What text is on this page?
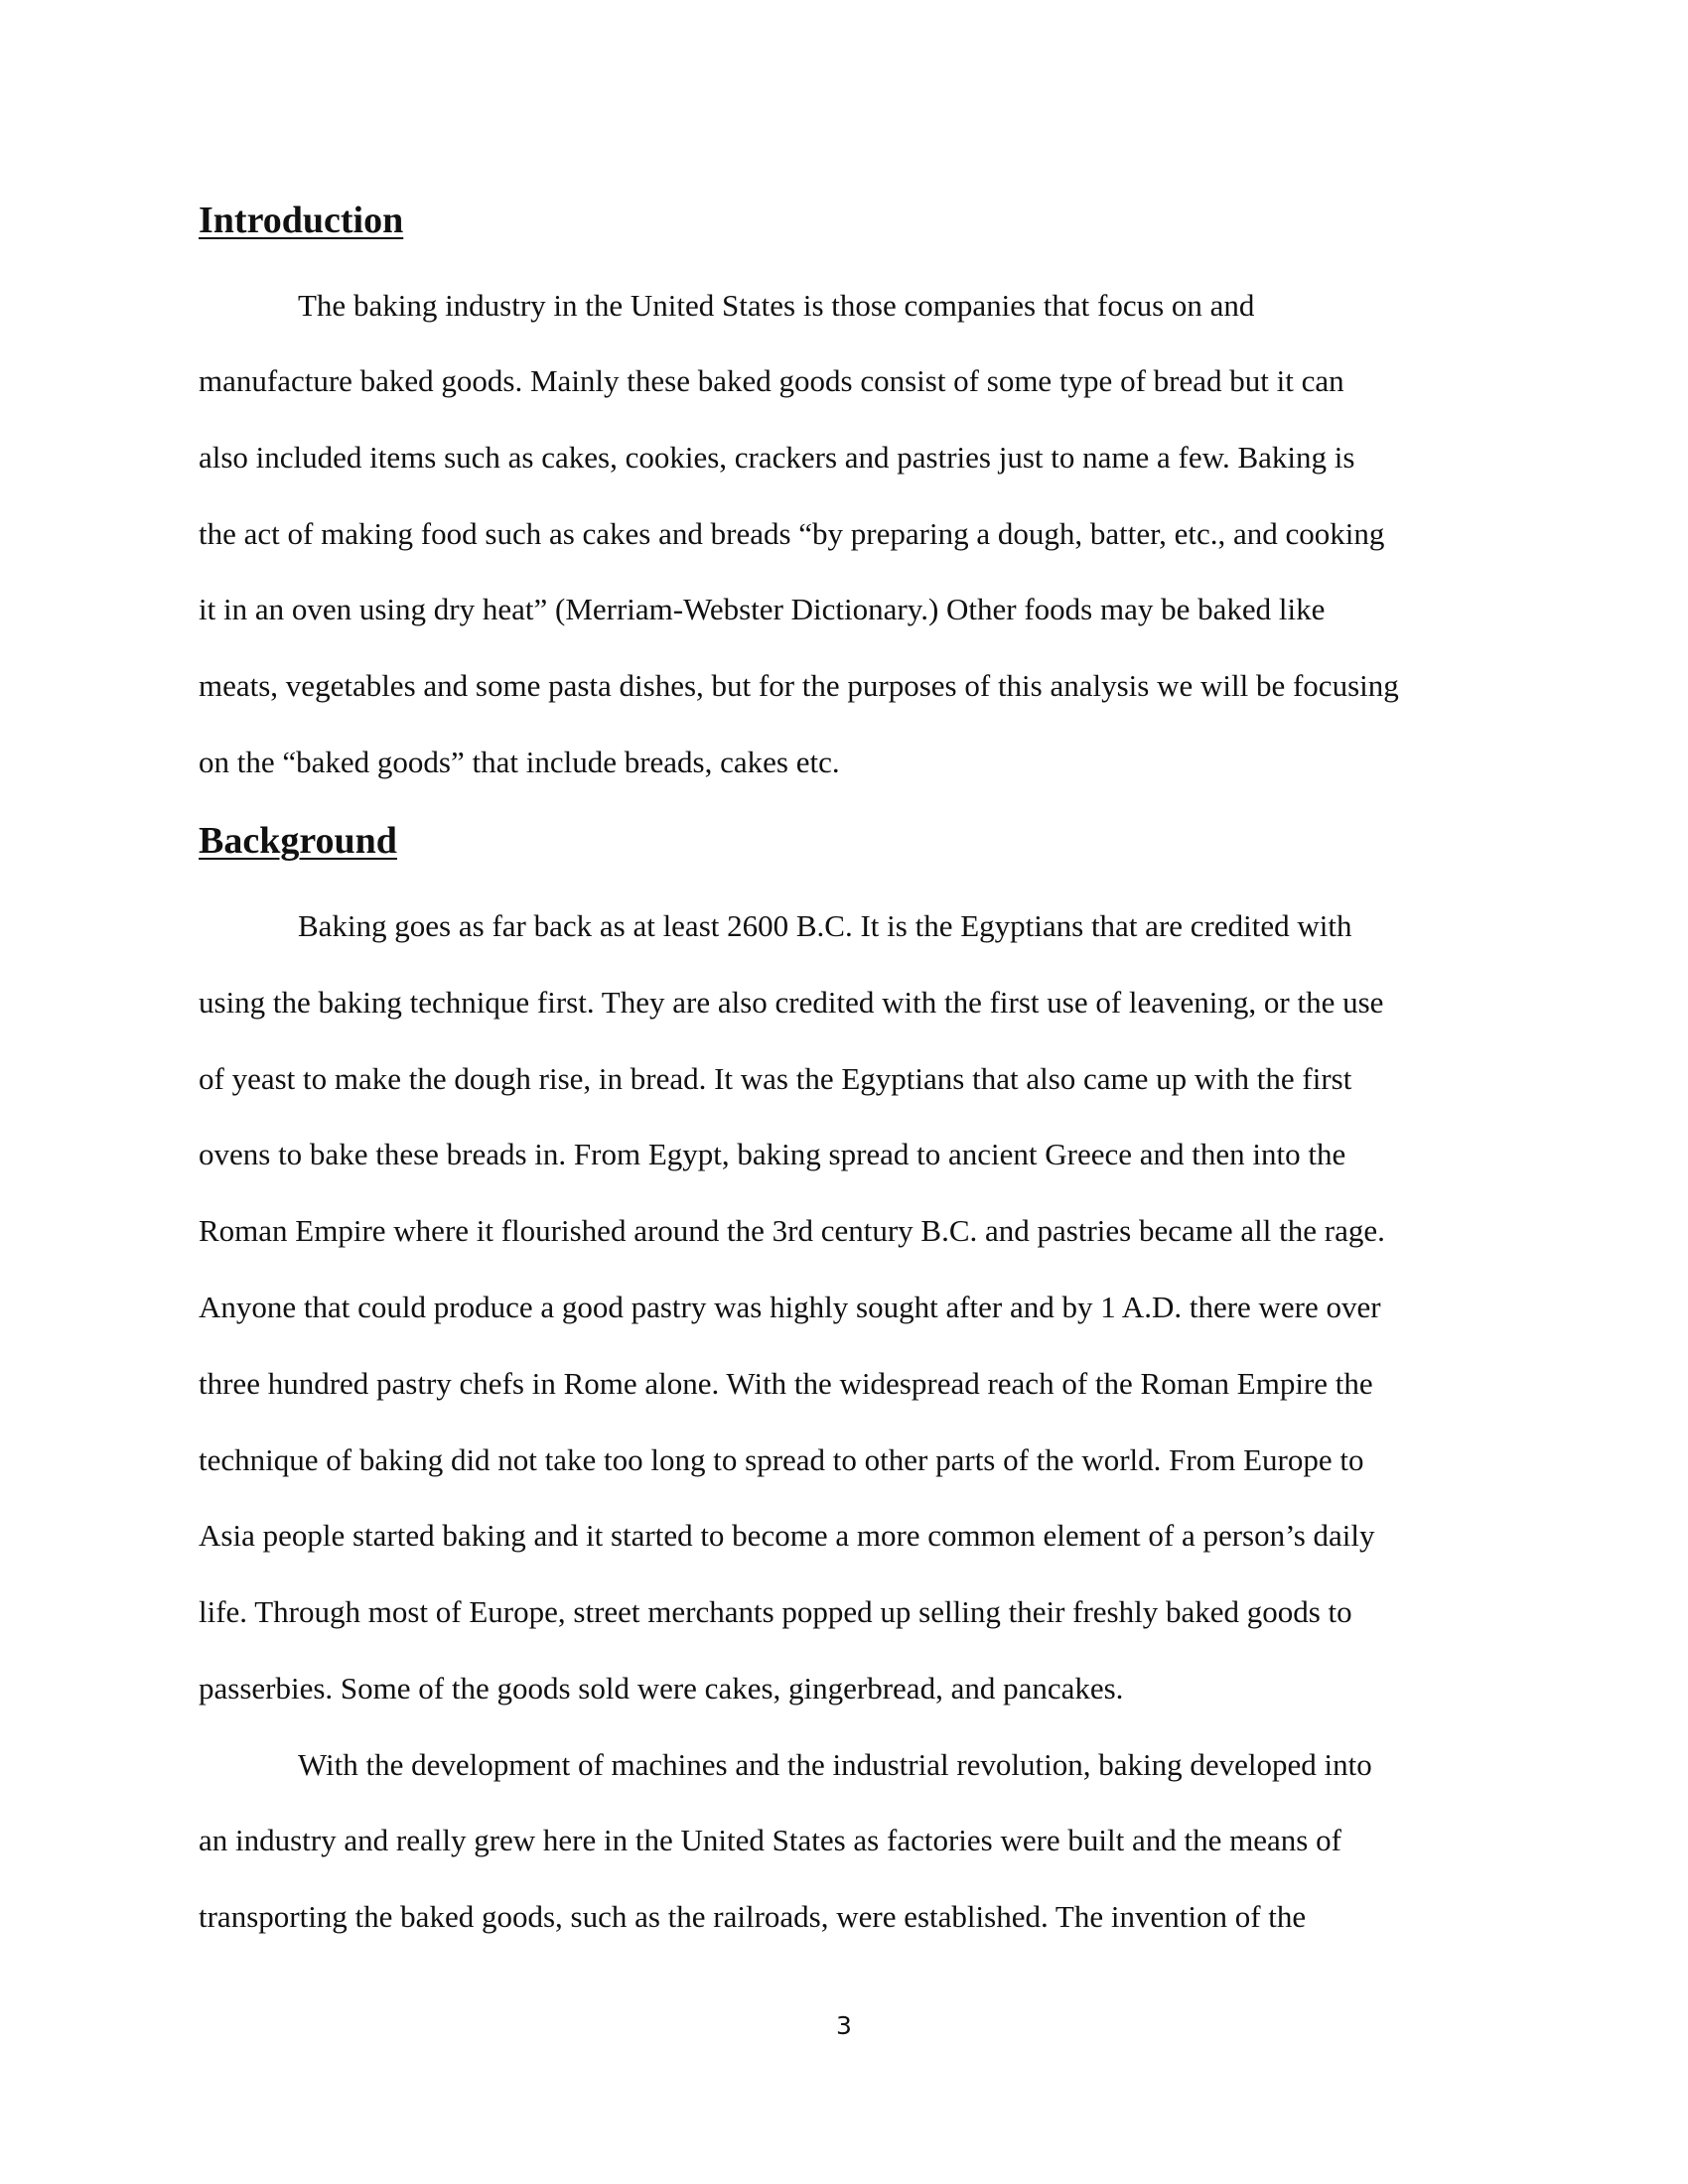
Introduction

The baking industry in the United States is those companies that focus on and

manufacture baked goods. Mainly these baked goods consist of some type of bread but it can

also included items such as cakes, cookies, crackers and pastries just to name a few. Baking is

the act of making food such as cakes and breads “by preparing a dough, batter, etc., and cooking

it in an oven using dry heat” (Merriam-Webster Dictionary.) Other foods may be baked like

meats, vegetables and some pasta dishes, but for the purposes of this analysis we will be focusing

on the “baked goods” that include breads, cakes etc.

Background

Baking goes as far back as at least 2600 B.C. It is the Egyptians that are credited with

using the baking technique first. They are also credited with the first use of leavening, or the use

of yeast to make the dough rise, in bread. It was the Egyptians that also came up with the first

ovens to bake these breads in. From Egypt, baking spread to ancient Greece and then into the

Roman Empire where it flourished around the 3rd century B.C. and pastries became all the rage.

Anyone that could produce a good pastry was highly sought after and by 1 A.D. there were over

three hundred pastry chefs in Rome alone. With the widespread reach of the Roman Empire the

technique of baking did not take too long to spread to other parts of the world. From Europe to

Asia people started baking and it started to become a more common element of a person’s daily

life. Through most of Europe, street merchants popped up selling their freshly baked goods to

passerbies. Some of the goods sold were cakes, gingerbread, and pancakes.

With the development of machines and the industrial revolution, baking developed into

an industry and really grew here in the United States as factories were built and the means of

transporting the baked goods, such as the railroads, were established. The invention of the

3
